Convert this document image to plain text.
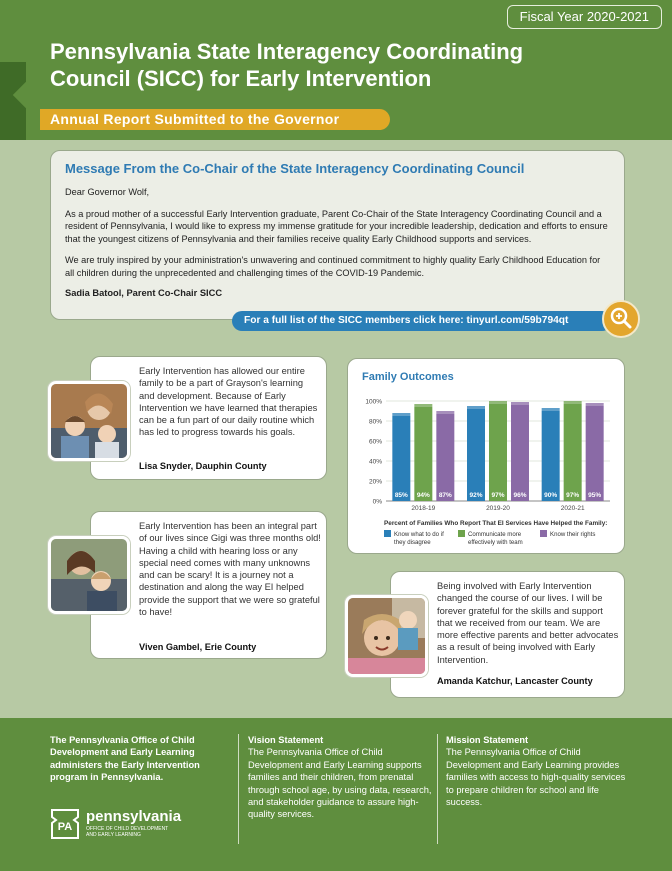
Fiscal Year 2020-2021
Pennsylvania State Interagency Coordinating Council (SICC) for Early Intervention
Annual Report Submitted to the Governor
Message From the Co-Chair of the State Interagency Coordinating Council

Dear Governor Wolf,

As a proud mother of a successful Early Intervention graduate, Parent Co-Chair of the State Interagency Coordinating Council and a resident of Pennsylvania, I would like to express my immense gratitude for your incredible leadership, dedication and efforts to ensure that the youngest citizens of Pennsylvania and their families receive quality Early Childhood supports and services.

We are truly inspired by your administration's unwavering and continued commitment to highly quality Early Childhood Education for all children during the unprecedented and challenging times of the COVID-19 Pandemic.

Sadia Batool, Parent Co-Chair SICC
For a full list of the SICC members click here: tinyurl.com/59b794qt
Early Intervention has allowed our entire family to be a part of Grayson's learning and development. Because of Early Intervention we have learned that therapies can be a fun part of our daily routine which has led to progress towards his goals.
Lisa Snyder, Dauphin County
Early Intervention has been an integral part of our lives since Gigi was three months old! Having a child with hearing loss or any special need comes with many unknowns and can be scary! It is a journey not a destination and along the way EI helped provide the support that we were so grateful to have!
Viven Gambel, Erie County
Family Outcomes
100%
80%
60%
40%
20%
0%
85% 94% 87%
2018-19
92% 97% 96%
2019-20
90% 97% 95%
2020-21
Percent of Families Who Report That EI Services Have Helped the Family:
Know what to do if
they disagree
Communicate more
effectively with team
Know their rights
Being involved with Early Intervention changed the course of our lives. I will be forever grateful for the skills and support that we received from our team. We are more effective parents and better advocates as a result of being involved with Early Intervention.
Amanda Katchur, Lancaster County
The Pennsylvania Office of Child Development and Early Learning administers the Early Intervention program in Pennsylvania.
PA
pennsylvania
OFFICE OF CHILD DEVELOPMENT AND EARLY LEARNING
Vision Statement
The Pennsylvania Office of Child Development and Early Learning supports families and their children, from prenatal through school age, by using data, research, and stakeholder guidance to assure high-quality services.
Mission Statement
The Pennsylvania Office of Child Development and Early Learning provides families with access to high-quality services to prepare children for school and life success.
